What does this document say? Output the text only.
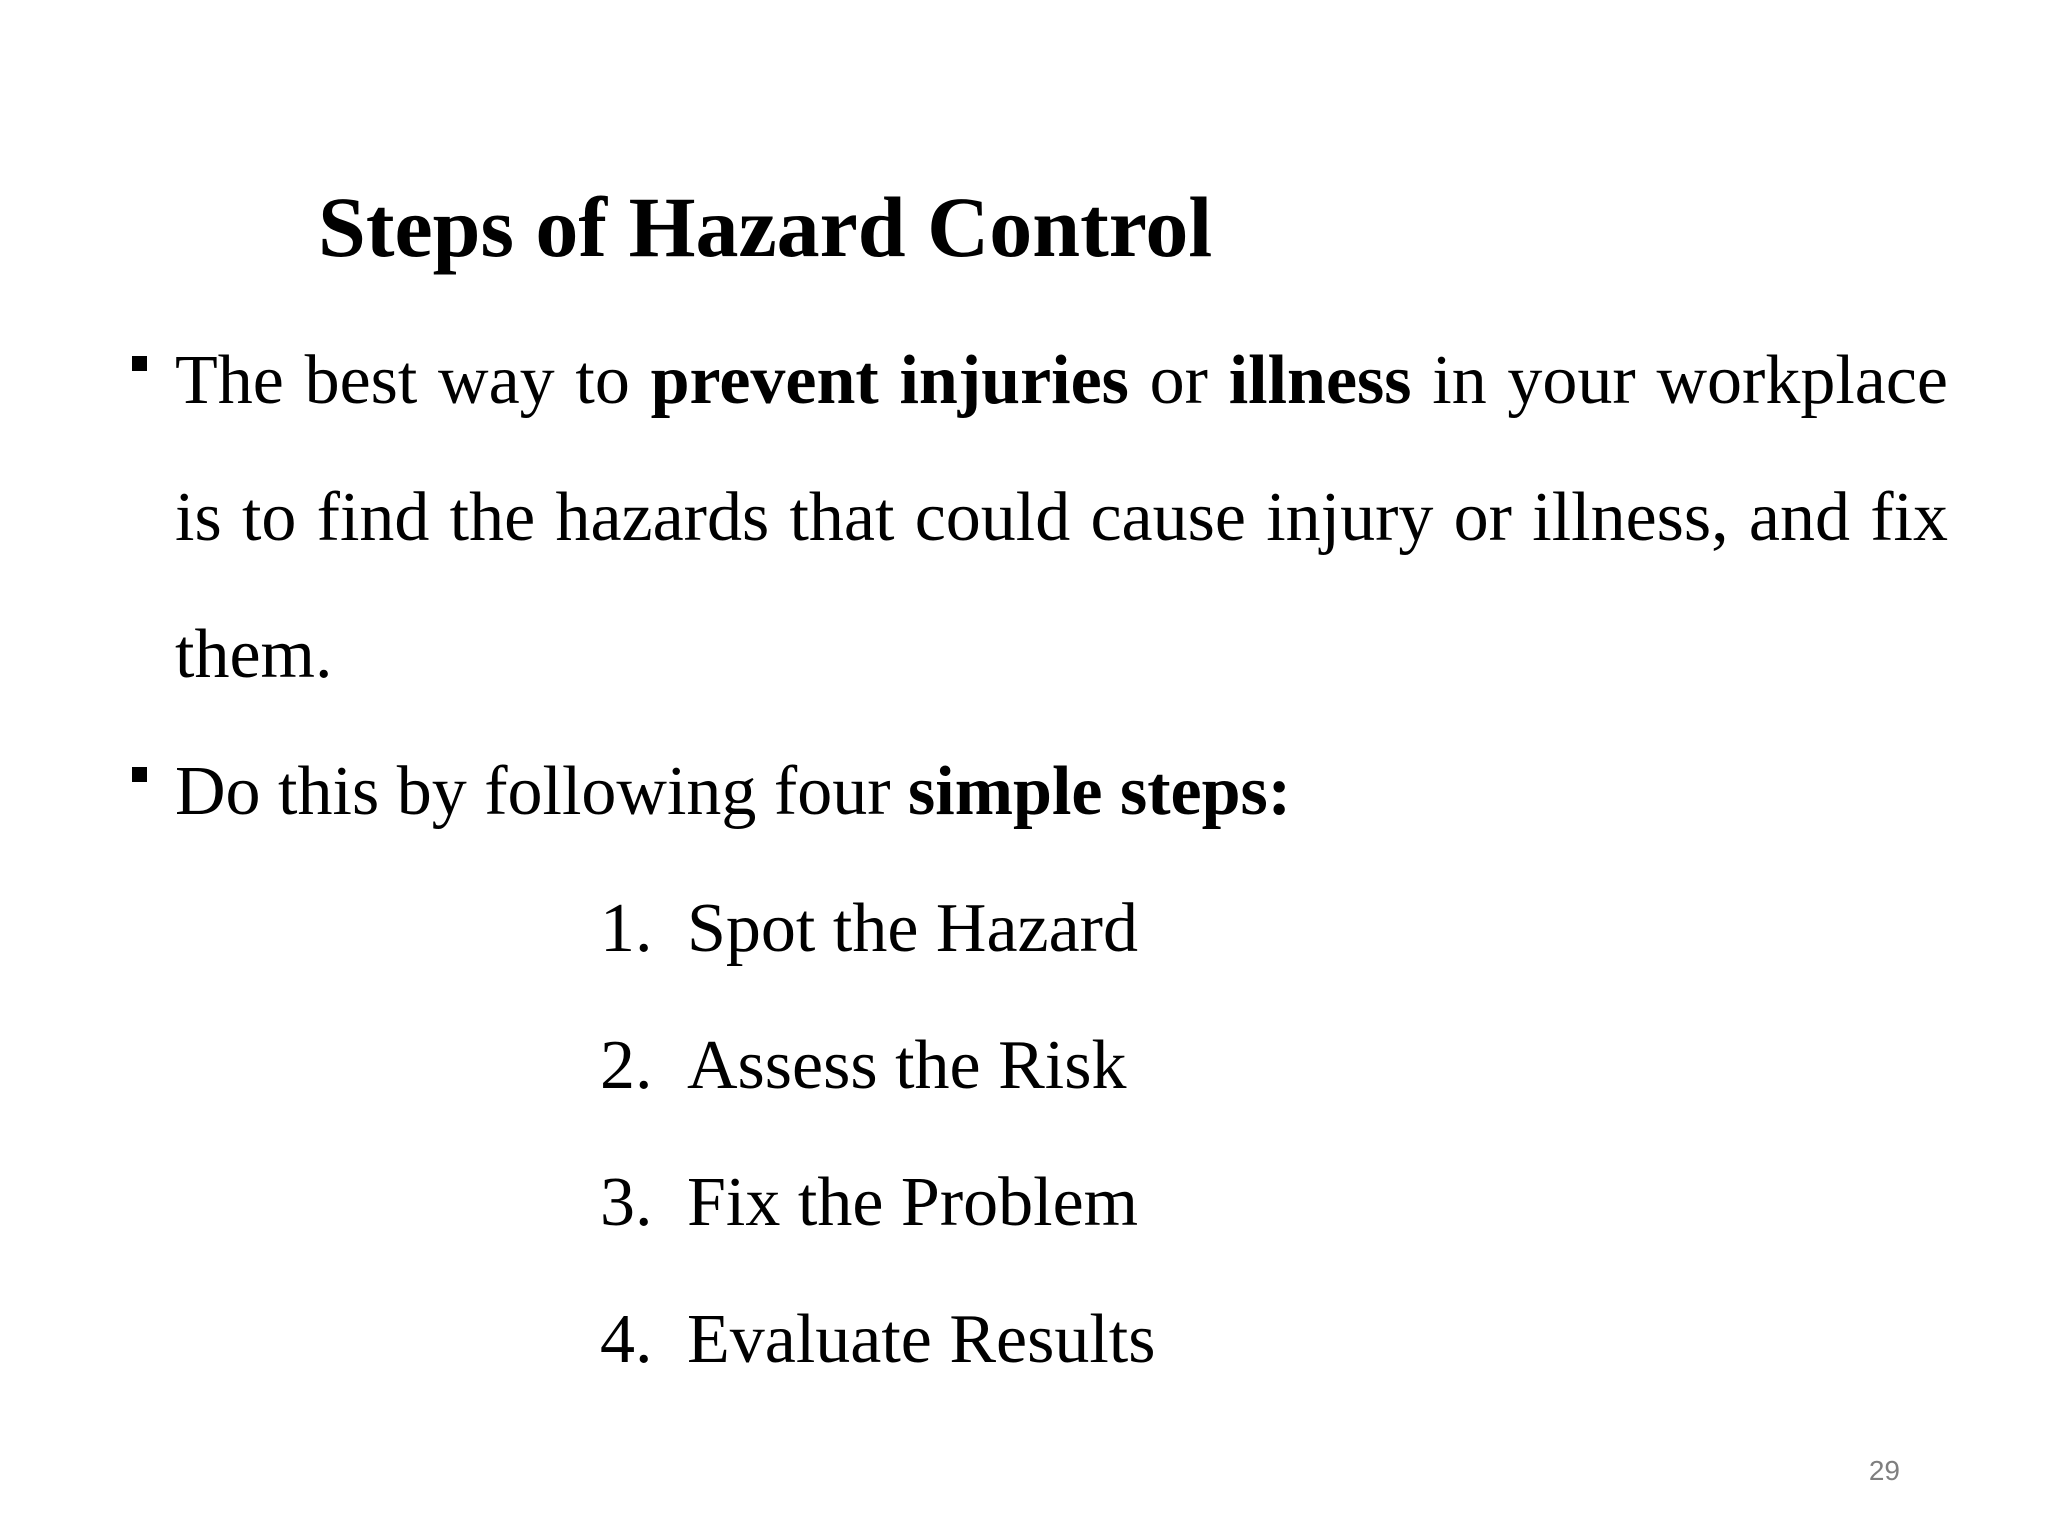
Steps of Hazard Control
The best way to prevent injuries or illness in your workplace is to find the hazards that could cause injury or illness, and fix them.
Do this by following four simple steps:
1. Spot the Hazard
2. Assess the Risk
3. Fix the Problem
4. Evaluate Results
29
